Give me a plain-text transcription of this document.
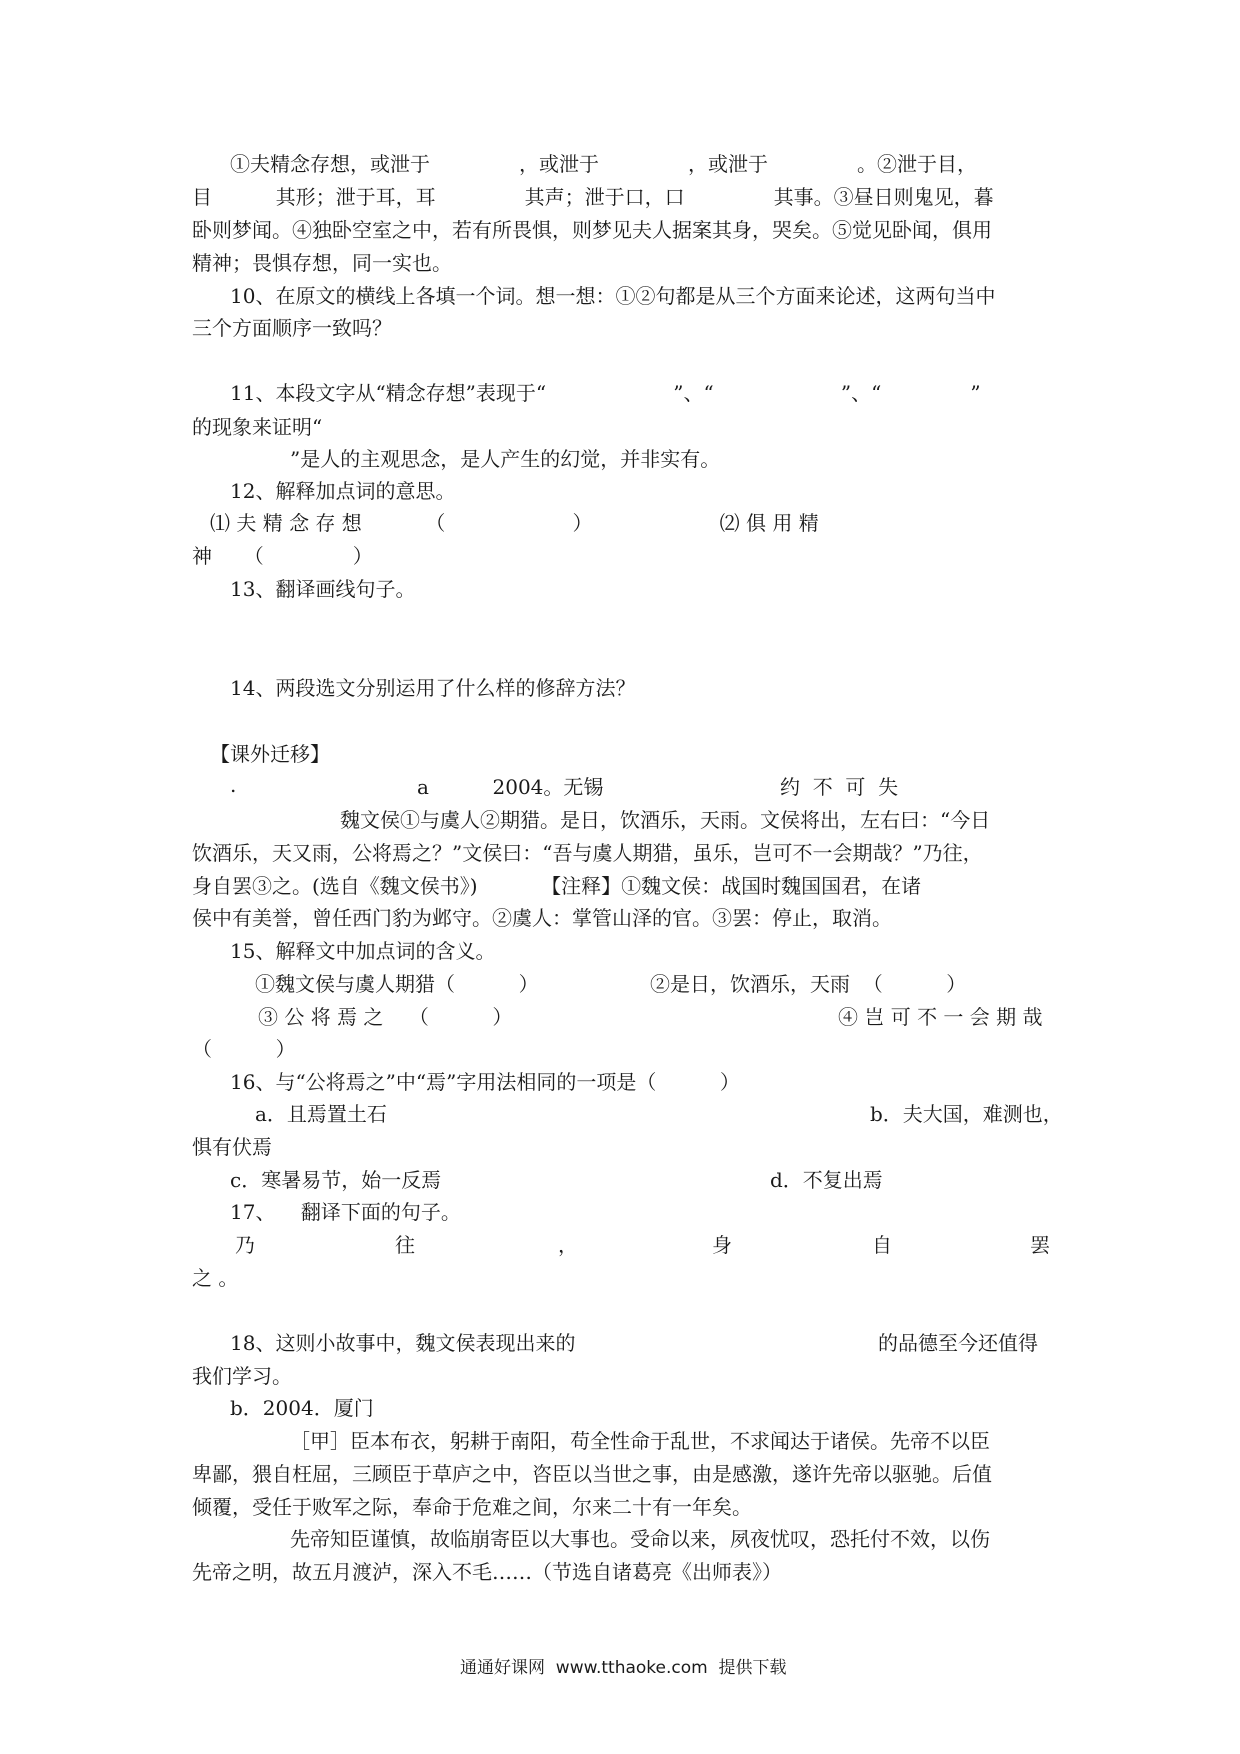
①夫精念存想，或泄于              ，或泄于              ，或泄于              。②泄于目，
目          其形；泄于耳，耳              其声；泄于口，口              其事。③昼日则鬼见，暮
卧则梦闻。④独卧空室之中，若有所畏惧，则梦见夫人据案其身，哭矣。⑤觉见卧闻，俱用
精神；畏惧存想，同一实也。
10、在原文的横线上各填一个词。想一想：①②句都是从三个方面来论述，这两句当中
三个方面顺序一致吗？
11、本段文字从“精念存想”表现于“                    ”、“                    ”、“              ”
的现象来证明“
”是人的主观思念，是人产生的幻觉，并非实有。
12、解释加点词的意思。
⑴ 夫 精 念 存 想          （                    ）                    ⑵ 俱 用 精
神     （              ）
13、翻译画线句子。
14、两段选文分别运用了什么样的修辞方法？
【课外迁移】
.	a          2004。无锡	约  不  可  失
魏文侯①与虞人②期猎。是日，饮酒乐，天雨。文侯将出，左右曰：“今日
饮酒乐，天又雨，公将焉之？”文侯曰：“吾与虞人期猎，虽乐，岂可不一会期哉？”乃往，
身自罢③之。(选自《魏文侯书》)          【注释】①魏文侯：战国时魏国国君，在诸
侯中有美誉，曾任西门豹为邺守。②虞人：掌管山泽的官。③罢：停止，取消。
15、解释文中加点词的含义。
①魏文侯与虞人期猎（          ）	②是日，饮酒乐，天雨  （          ）
③ 公 将 焉 之    （          ）	④ 岂 可 不 一 会 期 哉
（          ）
16、与“公将焉之”中“焉”字用法相同的一项是（          ）
a．且焉置土石	b．夫大国，难测也，
惧有伏焉
c．寒暑易节，始一反焉	d．不复出焉
17、    翻译下面的句子。
乃	往	，	身	自	罢
之 。
18、这则小故事中，魏文侯表现出来的	的品德至今还值得
我们学习。
b．2004．厦门
［甲］臣本布衣，躬耕于南阳，苟全性命于乱世，不求闻达于诸侯。先帝不以臣
卑鄙，猥自枉屈，三顾臣于草庐之中，咨臣以当世之事，由是感激，遂许先帝以驱驰。后值
倾覆，受任于败军之际，奉命于危难之间，尔来二十有一年矣。
先帝知臣谨慎，故临崩寄臣以大事也。受命以来，夙夜忧叹，恐托付不效，以伤
先帝之明，故五月渡泸，深入不毛……（节选自诸葛亮《出师表》）
通通好课网  www.tthaoke.com  提供下载
